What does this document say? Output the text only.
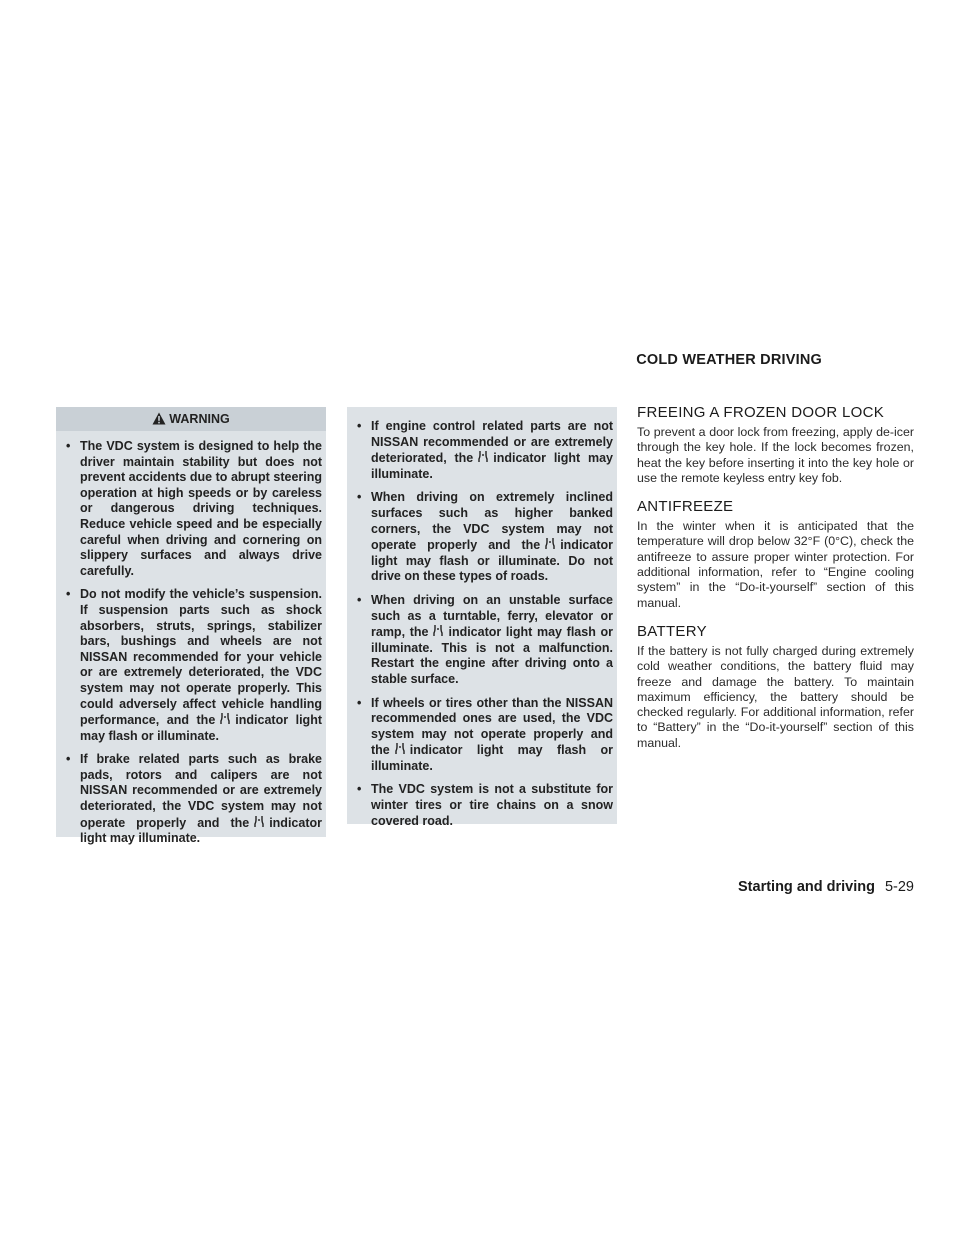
COLD WEATHER DRIVING
WARNING
• The VDC system is designed to help the driver maintain stability but does not prevent accidents due to abrupt steering operation at high speeds or by careless or dangerous driving techniques. Reduce vehicle speed and be especially careful when driving and cornering on slippery surfaces and always drive carefully.
• Do not modify the vehicle’s suspension. If suspension parts such as shock absorbers, struts, springs, stabilizer bars, bushings and wheels are not NISSAN recommended for your vehicle or are extremely deteriorated, the VDC system may not operate properly. This could adversely affect vehicle handling performance, and the indicator light may flash or illuminate.
• If brake related parts such as brake pads, rotors and calipers are not NISSAN recommended or are extremely deteriorated, the VDC system may not operate properly and the indicator light may illuminate.
• If engine control related parts are not NISSAN recommended or are extremely deteriorated, the indicator light may illuminate.
• When driving on extremely inclined surfaces such as higher banked corners, the VDC system may not operate properly and the indicator light may flash or illuminate. Do not drive on these types of roads.
• When driving on an unstable surface such as a turntable, ferry, elevator or ramp, the indicator light may flash or illuminate. This is not a malfunction. Restart the engine after driving onto a stable surface.
• If wheels or tires other than the NISSAN recommended ones are used, the VDC system may not operate properly and the indicator light may flash or illuminate.
• The VDC system is not a substitute for winter tires or tire chains on a snow covered road.
FREEING A FROZEN DOOR LOCK

To prevent a door lock from freezing, apply de-icer through the key hole. If the lock becomes frozen, heat the key before inserting it into the key hole or use the remote keyless entry key fob.

ANTIFREEZE

In the winter when it is anticipated that the temperature will drop below 32°F (0°C), check the antifreeze to assure proper winter protection. For additional information, refer to “Engine cooling system” in the “Do-it-yourself” section of this manual.

BATTERY

If the battery is not fully charged during extremely cold weather conditions, the battery fluid may freeze and damage the battery. To maintain maximum efficiency, the battery should be checked regularly. For additional information, refer to “Battery” in the “Do-it-yourself” section of this manual.

Starting and driving 5-29
